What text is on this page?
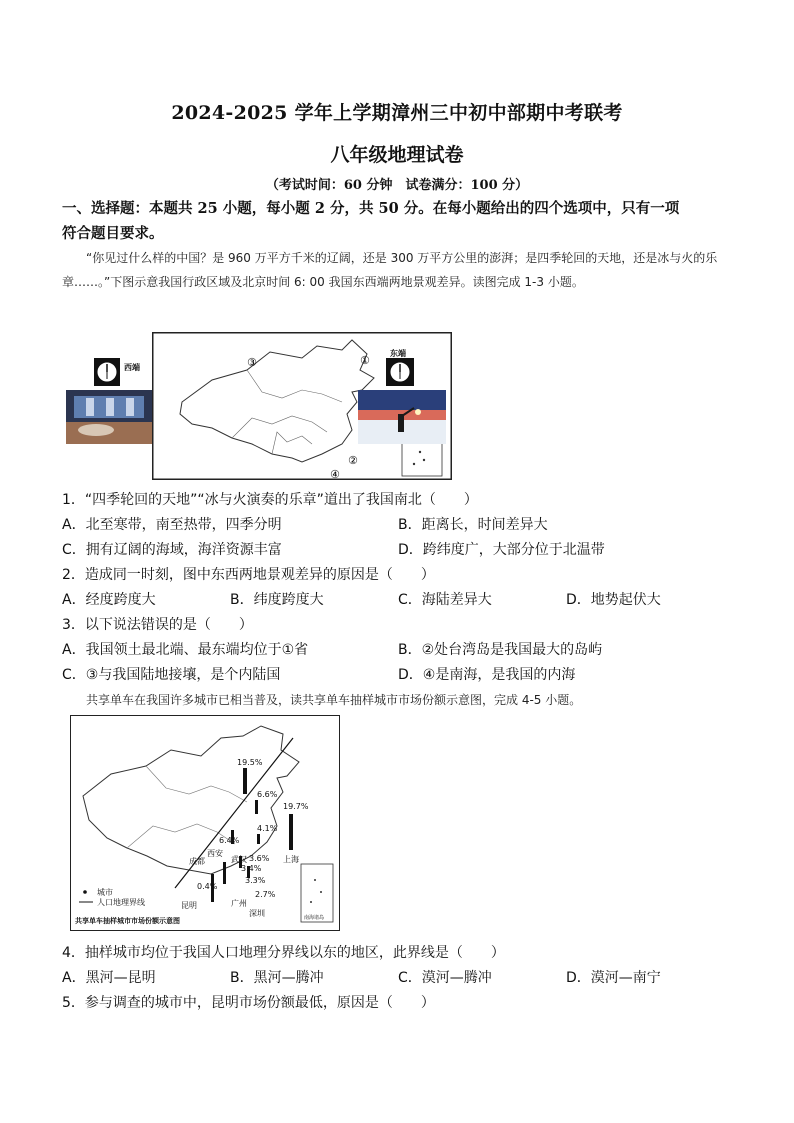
2024-2025 学年上学期漳州三中初中部期中考联考
八年级地理试卷
（考试时间：60 分钟　试卷满分：100 分）
一、选择题：本题共 25 小题，每小题 2 分，共 50 分。在每小题给出的四个选项中，只有一项
符合题目要求。
“你见过什么样的中国？是 960 万平方千米的辽阔，还是 300 万平方公里的澎湃；是四季轮回的天地，还是冰与火的乐章……。”下图示意我国行政区域及北京时间 6: 00 我国东西端两地景观差异。读图完成 1-3 小题。
西端	③	①
②
④
东端
1．“四季轮回的天地”“冰与火演奏的乐章”道出了我国南北（　　）
A．北至寒带，南至热带，四季分明	B．距离长，时间差异大
C．拥有辽阔的海域，海洋资源丰富	D．跨纬度广，大部分位于北温带
2．造成同一时刻，图中东西两地景观差异的原因是（　　）
A．经度跨度大	B．纬度跨度大	C．海陆差异大	D．地势起伏大
3．以下说法错误的是（　　）
A．我国领土最北端、最东端均位于①省	B．②处台湾岛是我国最大的岛屿
C．③与我国陆地接壤，是个内陆国	D．④是南海，是我国的内海
共享单车在我国许多城市已相当普及，读共享单车抽样城市市场份额示意图，完成 4-5 小题。
19.5%
19.7%
6.6%
6.4%
3.6%
4.1%
3.4%
3.3%
0.4%
2.7%
西安
武汉
成都	上海
广州
深圳
昆明
城市
人口地理界线
南海诸岛
共享单车抽样城市市场份额示意图
4．抽样城市均位于我国人口地理分界线以东的地区，此界线是（　　）
A．黑河—昆明	B．黑河—腾冲	C．漠河—腾冲	D．漠河—南宁
5．参与调查的城市中，昆明市场份额最低，原因是（　　）
